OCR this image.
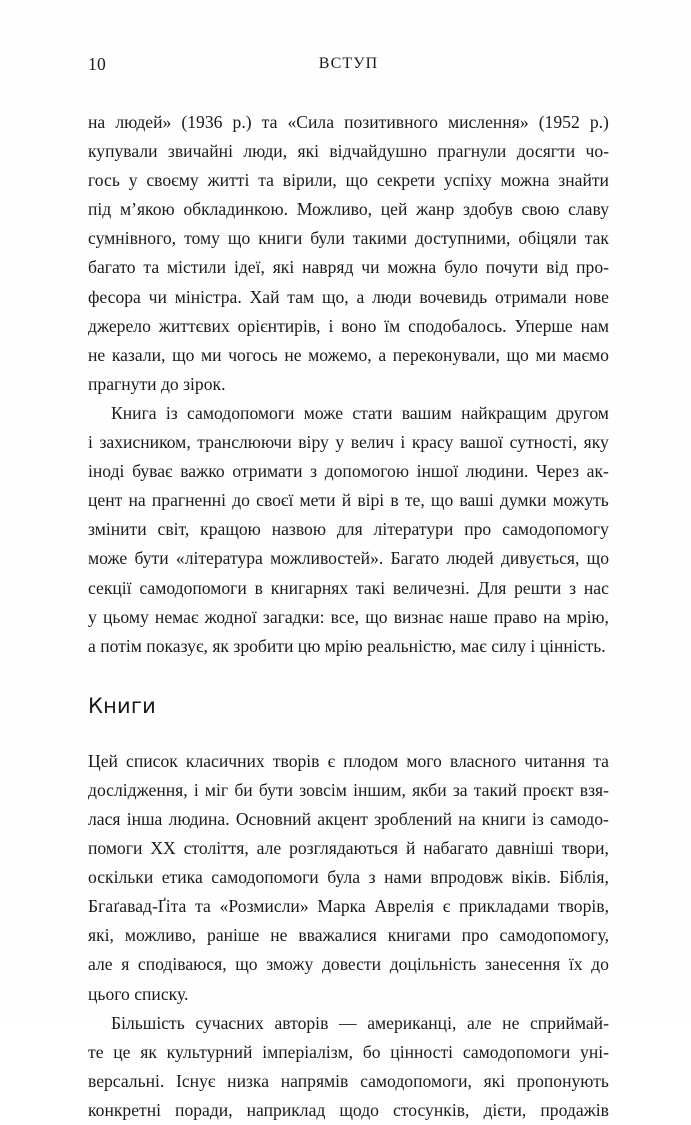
10	ВСТУП

на людей» (1936 р.) та «Сила позитивного мислення» (1952 р.)
купували звичайні люди, які відчайдушно прагнули досягти чо-
гось у своєму житті та вірили, що секрети успіху можна знайти
під м’якою обкладинкою. Можливо, цей жанр здобув свою славу
сумнівного, тому що книги були такими доступними, обіцяли так
багато та містили ідеї, які навряд чи можна було почути від про-
фесора чи міністра. Хай там що, а люди вочевидь отримали нове
джерело життєвих орієнтирів, і воно їм сподобалось. Уперше нам
не казали, що ми чогось не можемо, а переконували, що ми маємо
прагнути до зірок.

Книга із самодопомоги може стати вашим найкращим другом
і захисником, транслюючи віру у велич і красу вашої сутності, яку
іноді буває важко отримати з допомогою іншої людини. Через ак-
цент на прагненні до своєї мети й вірі в те, що ваші думки можуть
змінити світ, кращою назвою для літератури про самодопомогу
може бути «література можливостей». Багато людей дивується, що
секції самодопомоги в книгарнях такі величезні. Для решти з нас
у цьому немає жодної загадки: все, що визнає наше право на мрію,
а потім показує, як зробити цю мрію реальністю, має силу і цінність.

Книги

Цей список класичних творів є плодом мого власного читання та
дослідження, і міг би бути зовсім іншим, якби за такий проєкт взя-
лася інша людина. Основний акцент зроблений на книги із самодо-
помоги XX століття, але розглядаються й набагато давніші твори,
оскільки етика самодопомоги була з нами впродовж віків. Біблія,
Бгаґавад-Ґіта та «Розмисли» Марка Аврелія є прикладами творів,
які, можливо, раніше не вважалися книгами про самодопомогу,
але я сподіваюся, що зможу довести доцільність занесення їх до
цього списку.

Більшість сучасних авторів — американці, але не сприймай-
те це як культурний імперіалізм, бо цінності самодопомоги уні-
версальні. Існує низка напрямів самодопомоги, які пропонують
конкретні поради, наприклад щодо стосунків, дієти, продажів
